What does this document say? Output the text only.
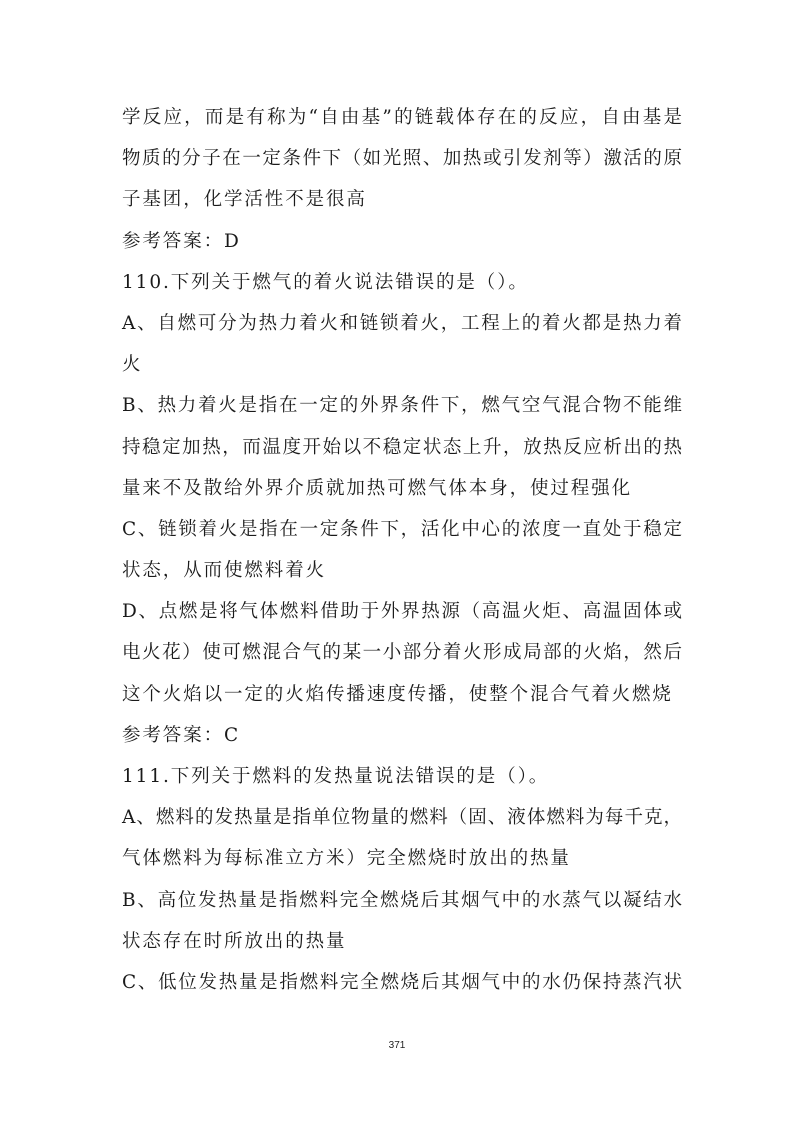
学反应，而是有称为“自由基”的链载体存在的反应，自由基是
物质的分子在一定条件下（如光照、加热或引发剂等）激活的原
子基团，化学活性不是很高
参考答案：D
110.下列关于燃气的着火说法错误的是（）。
A、自燃可分为热力着火和链锁着火，工程上的着火都是热力着
火
B、热力着火是指在一定的外界条件下，燃气空气混合物不能维
持稳定加热，而温度开始以不稳定状态上升，放热反应析出的热
量来不及散给外界介质就加热可燃气体本身，使过程强化
C、链锁着火是指在一定条件下，活化中心的浓度一直处于稳定
状态，从而使燃料着火
D、点燃是将气体燃料借助于外界热源（高温火炬、高温固体或
电火花）使可燃混合气的某一小部分着火形成局部的火焰，然后
这个火焰以一定的火焰传播速度传播，使整个混合气着火燃烧
参考答案：C
111.下列关于燃料的发热量说法错误的是（）。
A、燃料的发热量是指单位物量的燃料（固、液体燃料为每千克，
气体燃料为每标准立方米）完全燃烧时放出的热量
B、高位发热量是指燃料完全燃烧后其烟气中的水蒸气以凝结水
状态存在时所放出的热量
C、低位发热量是指燃料完全燃烧后其烟气中的水仍保持蒸汽状
371
